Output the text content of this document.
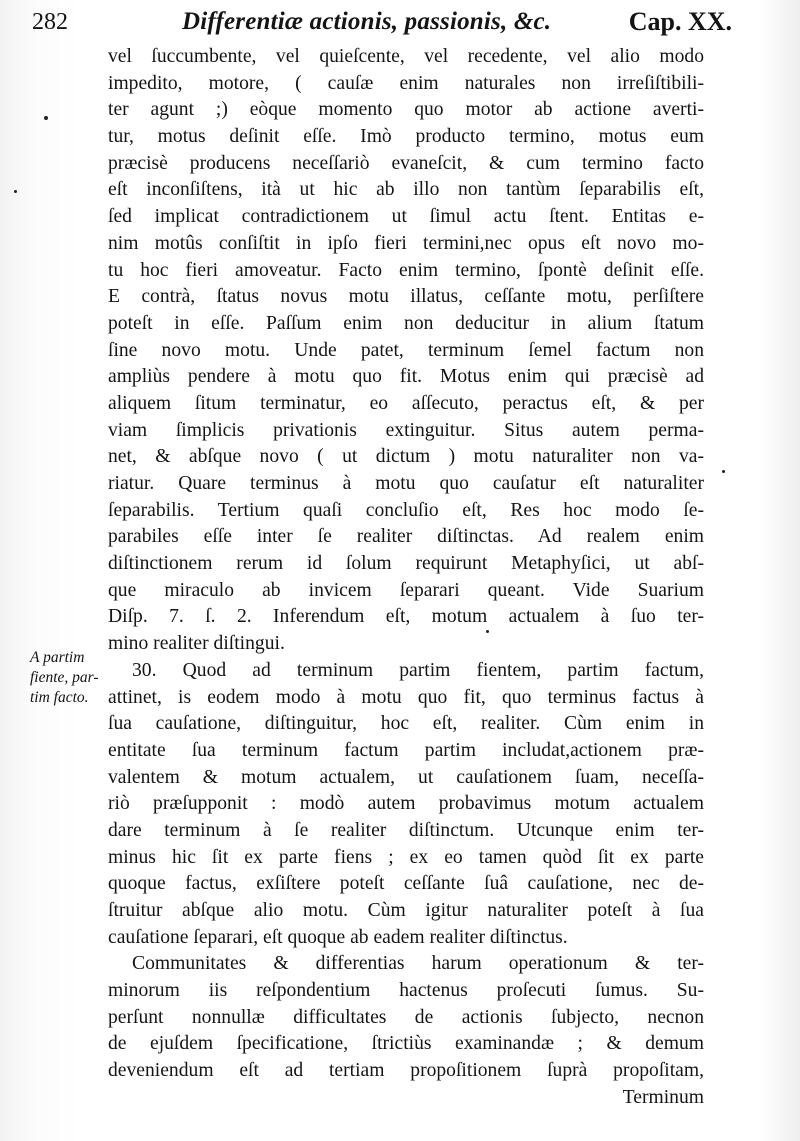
282	Differentiæ actionis, passionis, &c.	Cap. XX.
vel ſuccumbente, vel quieſcente, vel recedente, vel alio modo
impedito, motore, ( cauſæ enim naturales non irreſiſtibili-
ter agunt ;) eòque momento quo motor ab actione averti-
tur, motus deſinit eſſe. Imò producto termino, motus eum
præcisè producens neceſſariò evaneſcit, & cum termino facto
eſt inconſiſtens, ità ut hic ab illo non tantùm ſeparabilis eſt,
ſed implicat contradictionem ut ſimul actu ſtent. Entitas e-
nim motûs conſiſtit in ipſo fieri termini,nec opus eſt novo mo-
tu hoc fieri amoveatur. Facto enim termino, ſpontè deſinit eſſe.
E contrà, ſtatus novus motu illatus, ceſſante motu, perſiſtere
poteſt in eſſe. Paſſum enim non deducitur in alium ſtatum
ſine novo motu. Unde patet, terminum ſemel factum non
ampliùs pendere à motu quo fit. Motus enim qui præcisè ad
aliquem ſitum terminatur, eo aſſecuto, peractus eſt, & per
viam ſimplicis privationis extinguitur. Situs autem perma-
net, & abſque novo ( ut dictum ) motu naturaliter non va-
riatur. Quare terminus à motu quo cauſatur eſt naturaliter
ſeparabilis. Tertium quaſi concluſio eſt, Res hoc modo ſe-
parabiles eſſe inter ſe realiter diſtinctas. Ad realem enim
diſtinctionem rerum id ſolum requirunt Metaphyſici, ut abſ-
que miraculo ab invicem ſeparari queant. Vide Suarium
Diſp. 7. ſ. 2. Inferendum eſt, motum actualem à ſuo ter-
mino realiter diſtingui.
30. Quod ad terminum partim fientem, partim factum,
attinet, is eodem modo à motu quo fit, quo terminus factus à
ſua cauſatione, diſtinguitur, hoc eſt, realiter. Cùm enim in
entitate ſua terminum factum partim includat,actionem præ-
valentem & motum actualem, ut cauſationem ſuam, neceſſa-
riò præſupponit : modò autem probavimus motum actualem
dare terminum à ſe realiter diſtinctum. Utcunque enim ter-
minus hic ſit ex parte fiens ; ex eo tamen quòd ſit ex parte
quoque factus, exſiſtere poteſt ceſſante ſuâ cauſatione, nec de-
ſtruitur abſque alio motu. Cùm igitur naturaliter poteſt à ſua
cauſatione ſeparari, eſt quoque ab eadem realiter diſtinctus.
Communitates & differentias harum operationum & ter-
minorum iis reſpondentium hactenus proſecuti ſumus. Su-
perſunt nonnullæ difficultates de actionis ſubjecto, necnon
de ejuſdem ſpecificatione, ſtrictiùs examinandæ ; & demum
deveniendum eſt ad tertiam propoſitionem ſuprà propoſitam,
Terminum
A partim
fiente, par-
tim facto.
